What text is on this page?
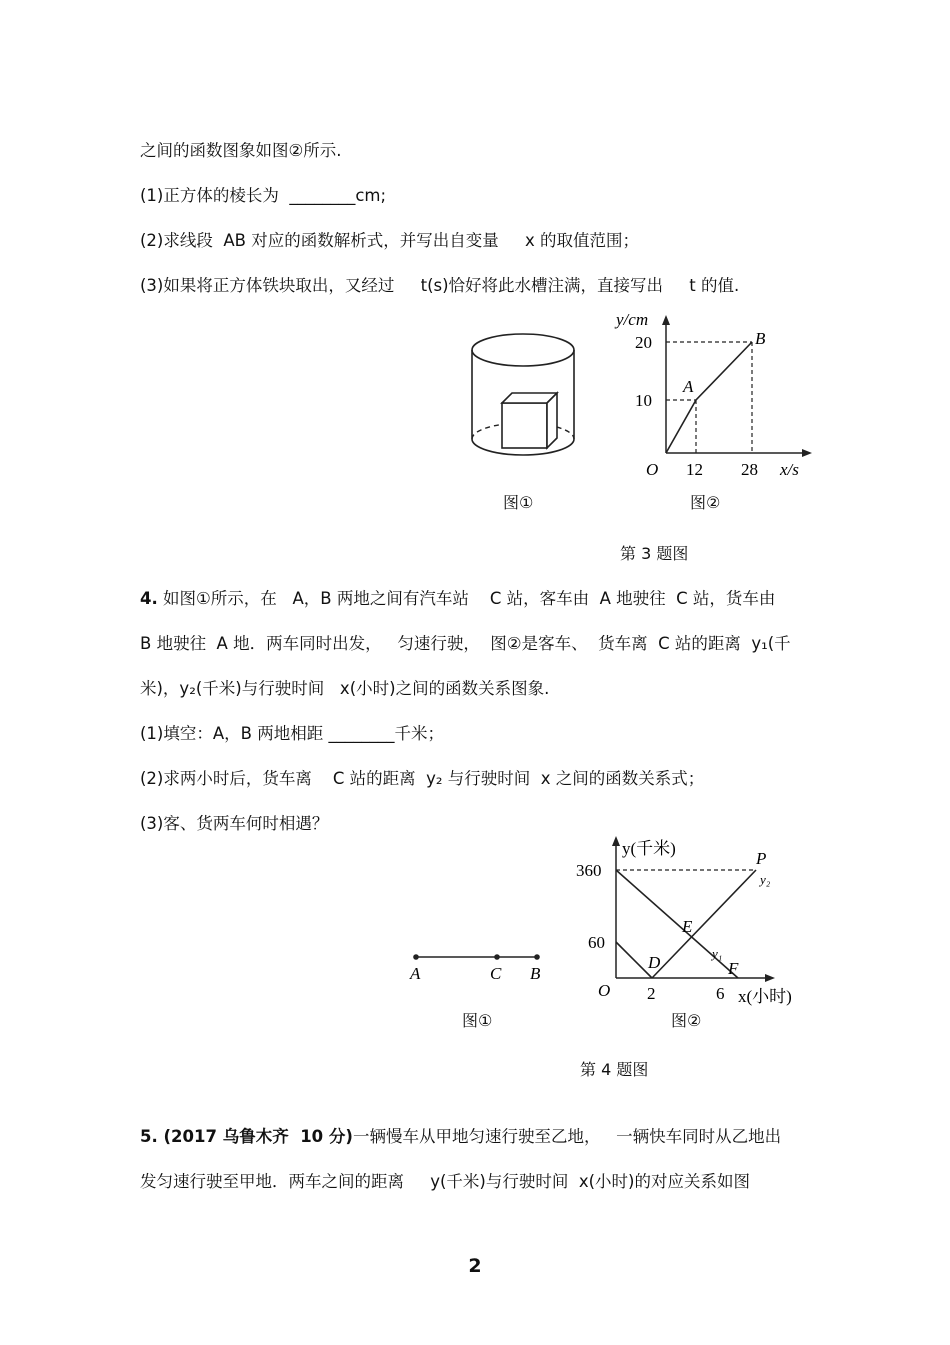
之间的函数图象如图②所示.
(1)正方体的棱长为  ________cm;
(2)求线段  AB 对应的函数解析式，并写出自变量     x 的取值范围；
(3)如果将正方体铁块取出，又经过     t(s)恰好将此水槽注满，直接写出     t 的值.
图①
y/cm
20
10
O 12 28 x/s
A
B
图②
第 3 题图
4. 如图①所示，在   A，B 两地之间有汽车站    C 站，客车由  A 地驶往  C 站，货车由
B 地驶往  A 地．两车同时出发，   匀速行驶，  图②是客车、  货车离  C 站的距离  y₁(千
米)，y₂(千米)与行驶时间   x(小时)之间的函数关系图象.
(1)填空：A，B 两地相距 ________千米；
(2)求两小时后，货车离    C 站的距离  y₂ 与行驶时间  x 之间的函数关系式；
(3)客、货两车何时相遇？
A	C B
图①
y(千米)
360
60
O 2	6 x(小时)
P
y₂
E
D	y₁
F
图②
第 4 题图
5. (2017 乌鲁木齐  10 分)一辆慢车从甲地匀速行驶至乙地，   一辆快车同时从乙地出
发匀速行驶至甲地．两车之间的距离     y(千米)与行驶时间  x(小时)的对应关系如图
2
